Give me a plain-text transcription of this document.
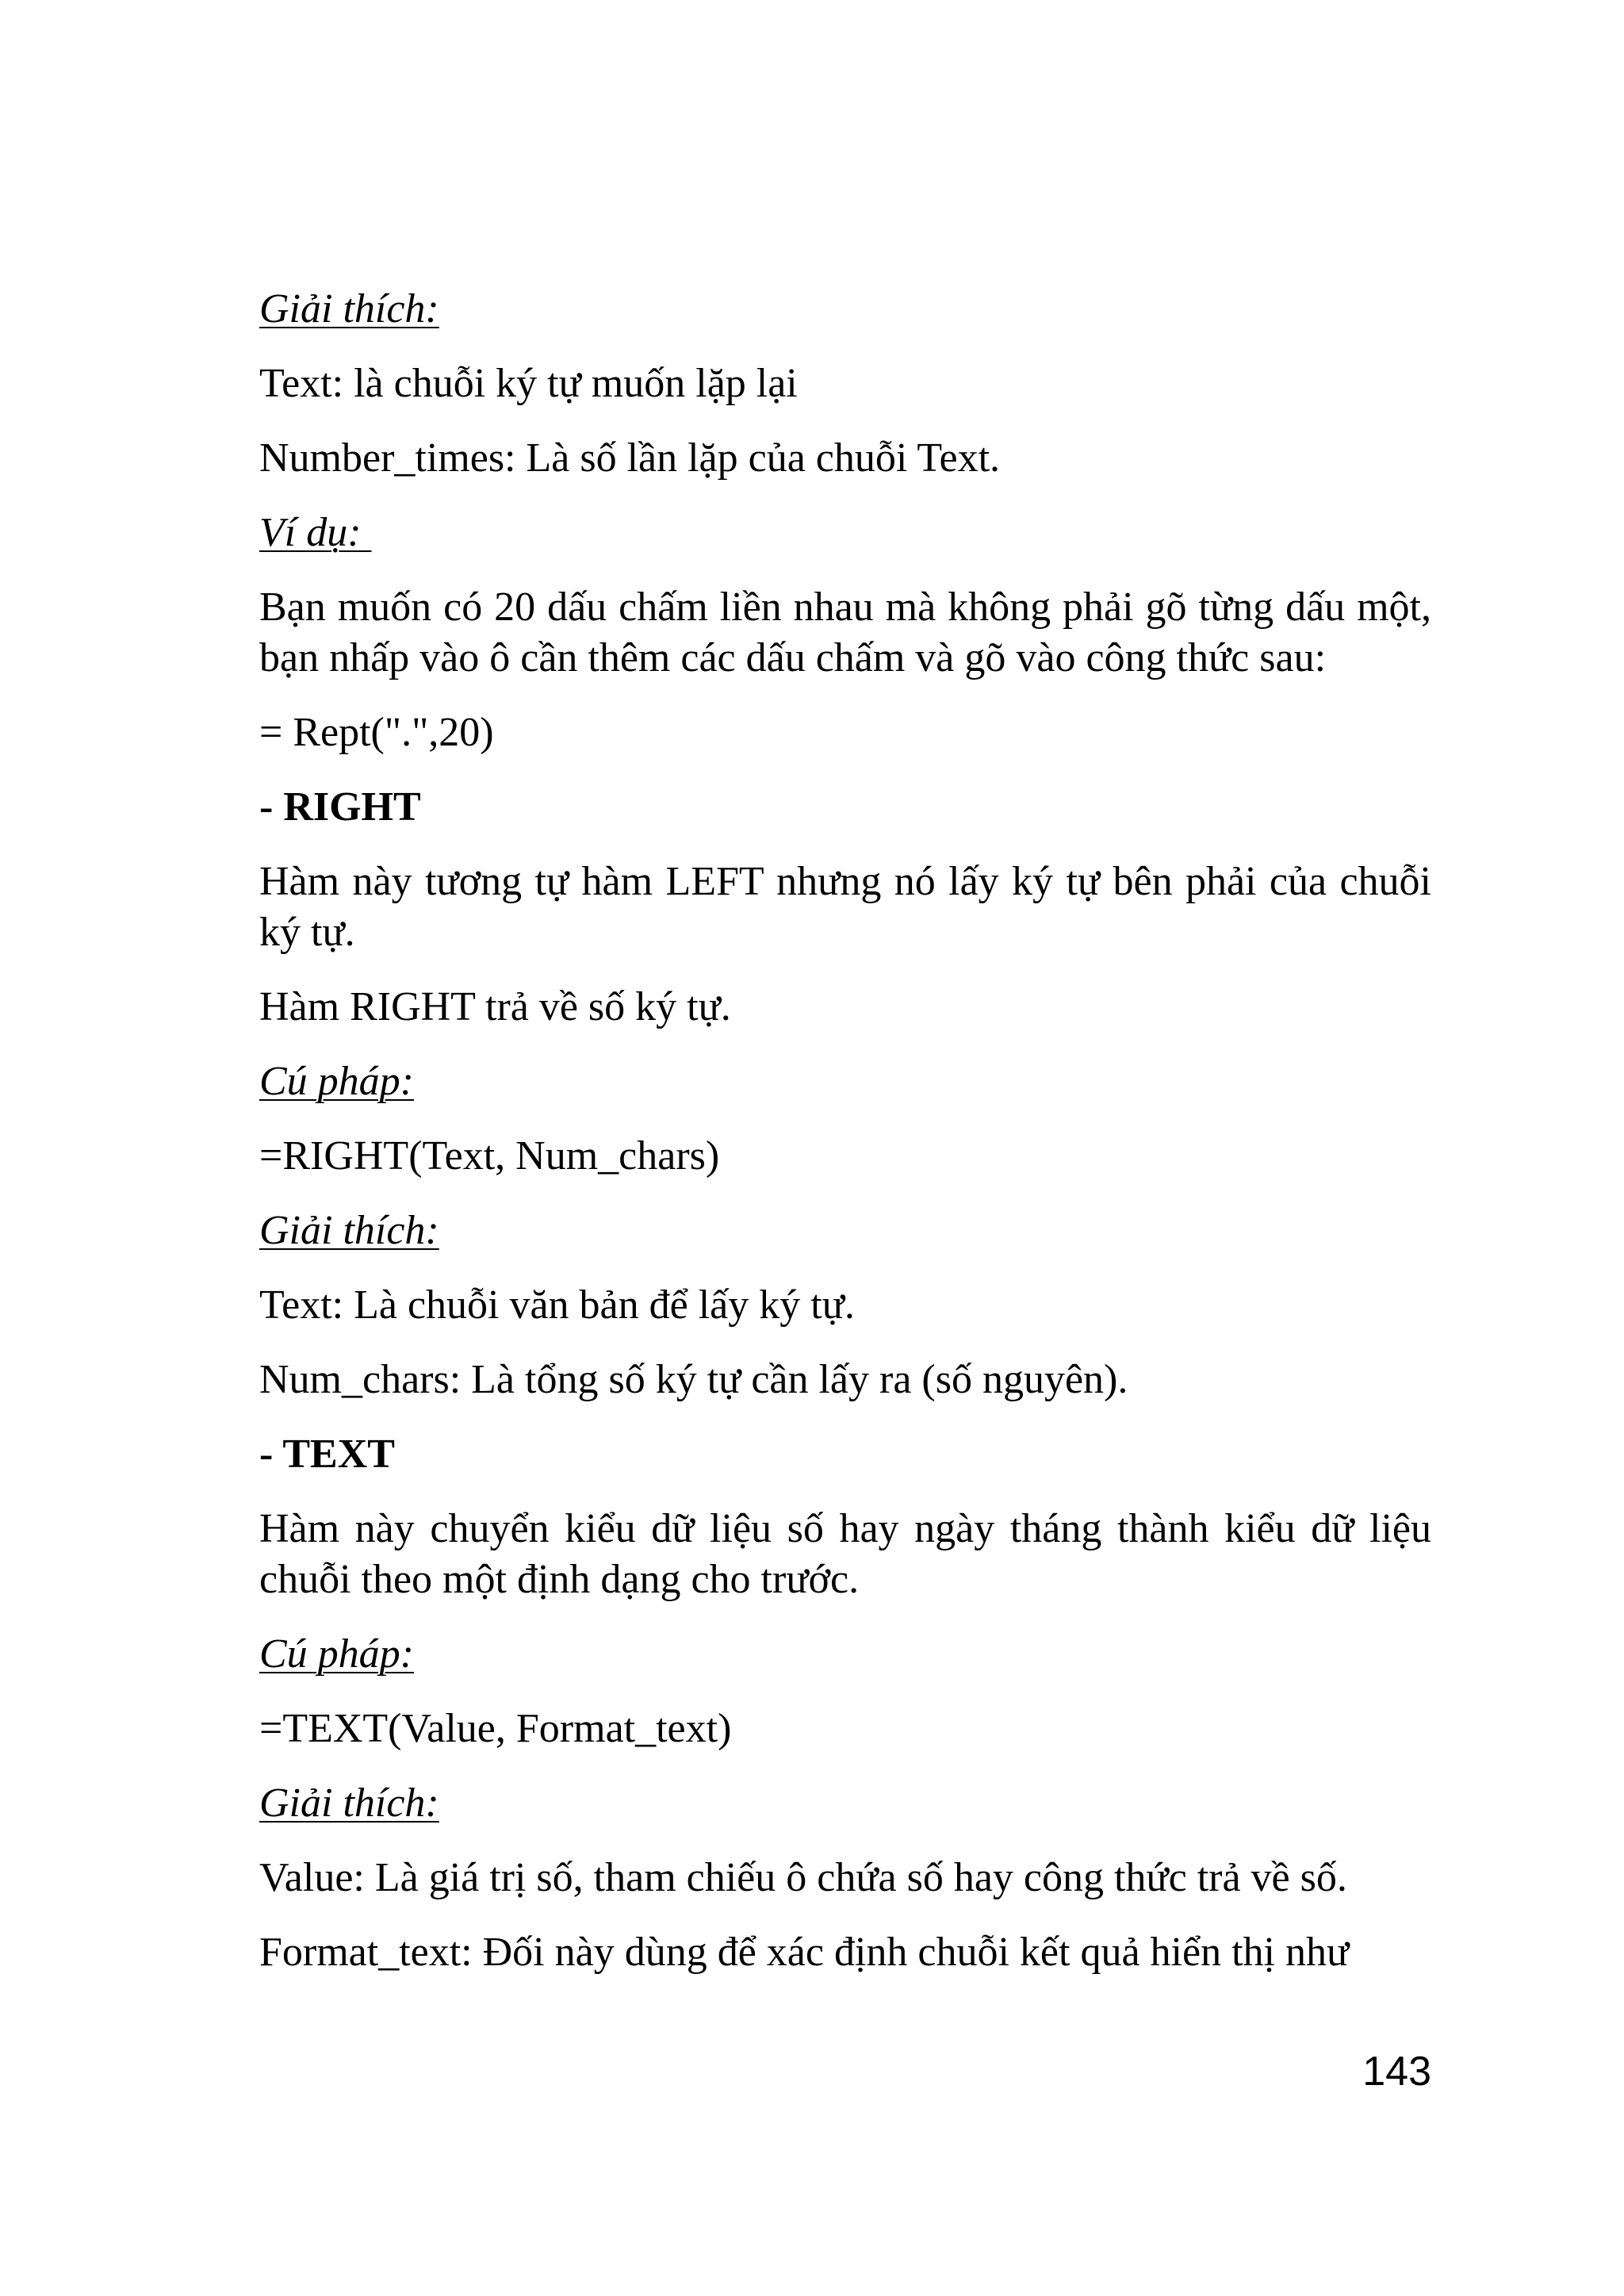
Giải thích:
Text: là chuỗi ký tự muốn lặp lại
Number_times: Là số lần lặp của chuỗi Text.
Ví dụ:
Bạn muốn có 20 dấu chấm liền nhau mà không phải gõ từng dấu một, bạn nhấp vào ô cần thêm các dấu chấm và gõ vào công thức sau:
= Rept(".",20)
- RIGHT
Hàm này tương tự hàm LEFT nhưng nó lấy ký tự bên phải của chuỗi ký tự.
Hàm RIGHT trả về số ký tự.
Cú pháp:
=RIGHT(Text, Num_chars)
Giải thích:
Text: Là chuỗi văn bản để lấy ký tự.
Num_chars: Là tổng số ký tự cần lấy ra (số nguyên).
- TEXT
Hàm này chuyển kiểu dữ liệu số hay ngày tháng thành kiểu dữ liệu chuỗi theo một định dạng cho trước.
Cú pháp:
=TEXT(Value, Format_text)
Giải thích:
Value: Là giá trị số, tham chiếu ô chứa số hay công thức trả về số.
Format_text: Đối này dùng để xác định chuỗi kết quả hiển thị như
143
